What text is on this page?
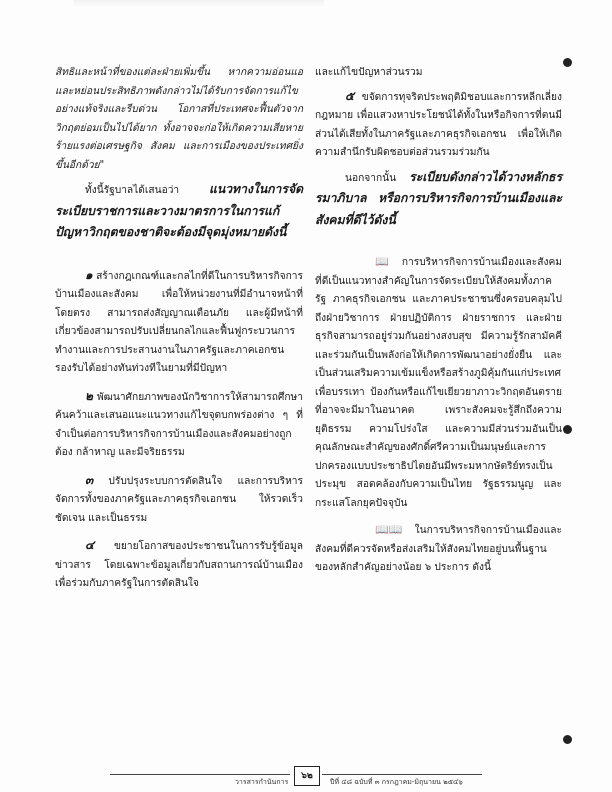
สิทธิและหน้าที่ของแต่ละฝ่ายเพิ่มขึ้น หากความอ่อนแอและหย่อนประสิทธิภาพดังกล่าวไม่ได้รับการจัดการแก้ไขอย่างแท้จริงและรีบด่วน โอกาสที่ประเทศจะฟื้นตัวจากวิกฤตย่อมเป็นไปได้ยาก ทั้งอาจจะก่อให้เกิดความเสียหายร้ายแรงต่อเศรษฐกิจ สังคม และการเมืองของประเทศยิ่งขึ้นอีกด้วย"

ทั้งนี้รัฐบาลได้เสนอว่า แนวทางในการจัดระเบียบราชการและวางมาตรการในการแก้ปัญหาวิกฤตของชาติจะต้องมีจุดมุ่งหมายดังนี้

๑ สร้างกฎเกณฑ์และกลไกที่ดีในการบริหารกิจการบ้านเมืองและสังคม เพื่อให้หน่วยงานที่มีอำนาจหน้าที่โดยตรง สามารถส่งสัญญาณเตือนภัย และผู้มีหน้าที่เกี่ยวข้องสามารถปรับเปลี่ยนกลไกและฟื้นฟูกระบวนการทำงานและการประสานงานในภาครัฐและภาคเอกชนรองรับได้อย่างทันท่วงทีในยามที่มีปัญหา

๒ พัฒนาศักยภาพของนักวิชาการให้สามารถศึกษา ค้นคว้าและเสนอแนะแนวทางแก้ไขจุดบกพร่องต่าง ๆ ที่จำเป็นต่อการบริหารกิจการบ้านเมืองและสังคมอย่างถูกต้อง กล้าหาญ และมีจริยธรรม

๓ ปรับปรุงระบบการตัดสินใจ และการบริหารจัดการทั้งของภาครัฐและภาคธุรกิจเอกชน ให้รวดเร็ว ชัดเจน และเป็นธรรม

๔ ขยายโอกาสของประชาชนในการรับรู้ข้อมูลข่าวสาร โดยเฉพาะข้อมูลเกี่ยวกับสถานการณ์บ้านเมืองเพื่อร่วมกับภาครัฐในการตัดสินใจ

และแก้ไขปัญหาส่วนรวม

๕ ขจัดการทุจริตประพฤติมิชอบและการหลีกเลี่ยงกฎหมาย เพื่อแสวงหาประโยชน์ได้ทั้งในหรือกิจการที่ตนมีส่วนได้เสียทั้งในภาครัฐและภาคธุรกิจเอกชน เพื่อให้เกิดความสำนึกรับผิดชอบต่อส่วนรวมร่วมกัน

นอกจากนั้น ระเบียบดังกล่าวได้วางหลักธรรมาภิบาล หรือการบริหารกิจการบ้านเมืองและสังคมที่ดีไว้ดังนี้

📖 การบริหารกิจการบ้านเมืองและสังคมที่ดีเป็นแนวทางสำคัญในการจัดระเบียบให้สังคมทั้งภาครัฐ ภาคธุรกิจเอกชน และภาคประชาชนซึ่งครอบคลุมไปถึงฝ่ายวิชาการ ฝ่ายปฏิบัติการ ฝ่ายราชการ และฝ่ายธุรกิจสามารถอยู่ร่วมกันอย่างสงบสุข มีความรู้รักสามัคคีและร่วมกันเป็นพลังก่อให้เกิดการพัฒนาอย่างยั่งยืน และเป็นส่วนเสริมความเข้มแข็งหรือสร้างภูมิคุ้มกันแก่ประเทศเพื่อบรรเทา ป้องกันหรือแก้ไขเยียวยาภาวะวิกฤตอันตรายที่อาจจะมีมาในอนาคต เพราะสังคมจะรู้สึกถึงความยุติธรรม ความโปร่งใส และความมีส่วนร่วมอันเป็นคุณลักษณะสำคัญของศักดิ์ศรีความเป็นมนุษย์และการปกครองแบบประชาธิปไตยอันมีพระมหากษัตริย์ทรงเป็นประมุข สอดคล้องกับความเป็นไทย รัฐธรรมนูญ และกระแสโลกยุคปัจจุบัน

📖📖 ในการบริหารกิจการบ้านเมืองและสังคมที่ดีควรจัดหรือส่งเสริมให้สังคมไทยอยู่บนพื้นฐานของหลักสำคัญอย่างน้อย ๖ ประการ ดังนี้

วารสารกำนันการ
๖๒
ปีที่ ๔๘ ฉบับที่ ๓ กรกฎาคม-มิถุนายน ๒๕๔๖
